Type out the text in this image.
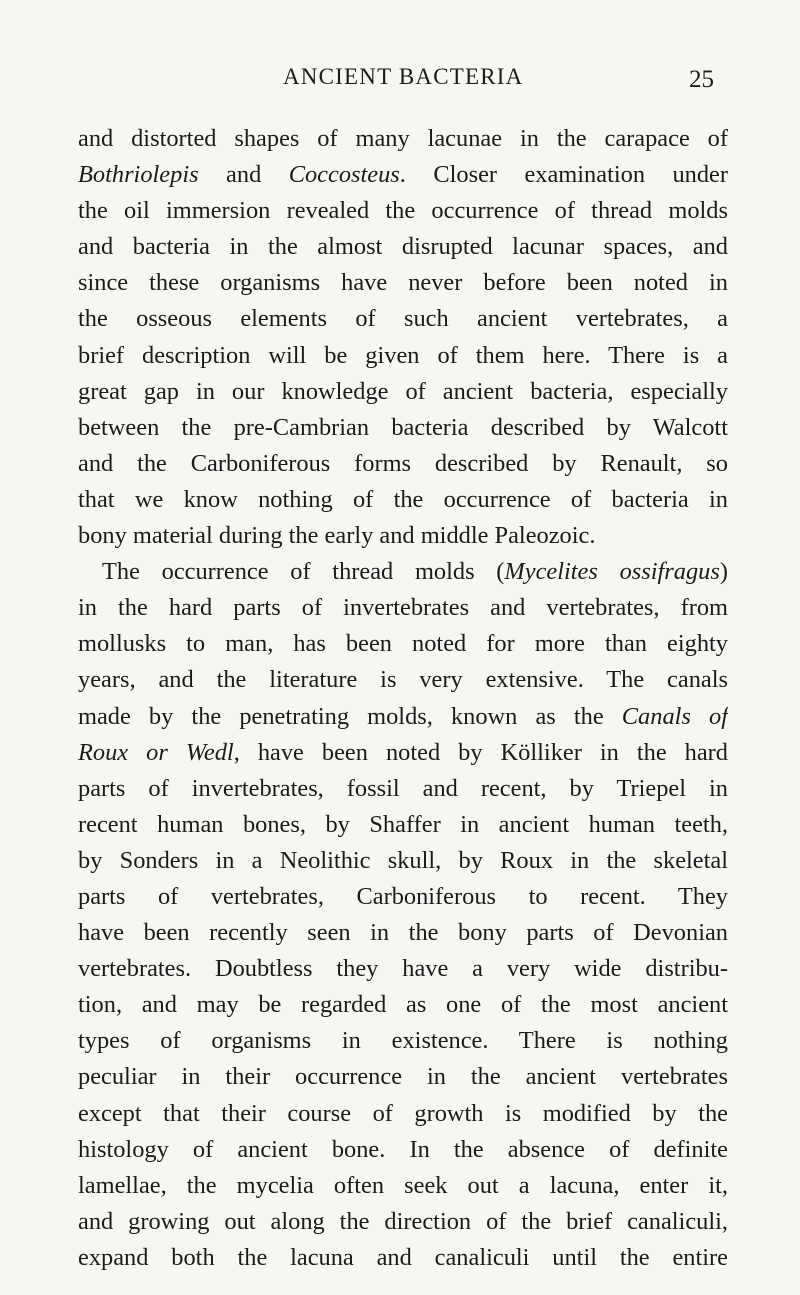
ANCIENT BACTERIA	25
and distorted shapes of many lacunae in the carapace of
Bothriolepis and Coccosteus. Closer examination under
the oil immersion revealed the occurrence of thread molds
and bacteria in the almost disrupted lacunar spaces, and
since these organisms have never before been noted in
the osseous elements of such ancient vertebrates, a
brief description will be given of them here. There is a
great gap in our knowledge of ancient bacteria, especially
between the pre-Cambrian bacteria described by Walcott
and the Carboniferous forms described by Renault, so
that we know nothing of the occurrence of bacteria in
bony material during the early and middle Paleozoic.
The occurrence of thread molds (Mycelites ossifragus)
in the hard parts of invertebrates and vertebrates, from
mollusks to man, has been noted for more than eighty
years, and the literature is very extensive. The canals
made by the penetrating molds, known as the Canals of
Roux or Wedl, have been noted by Kölliker in the hard
parts of invertebrates, fossil and recent, by Triepel in
recent human bones, by Shaffer in ancient human teeth,
by Sonders in a Neolithic skull, by Roux in the skeletal
parts of vertebrates, Carboniferous to recent. They
have been recently seen in the bony parts of Devonian
vertebrates. Doubtless they have a very wide distribu-
tion, and may be regarded as one of the most ancient
types of organisms in existence. There is nothing
peculiar in their occurrence in the ancient vertebrates
except that their course of growth is modified by the
histology of ancient bone. In the absence of definite
lamellae, the mycelia often seek out a lacuna, enter it,
and growing out along the direction of the brief canaliculi,
expand both the lacuna and canaliculi until the entire
